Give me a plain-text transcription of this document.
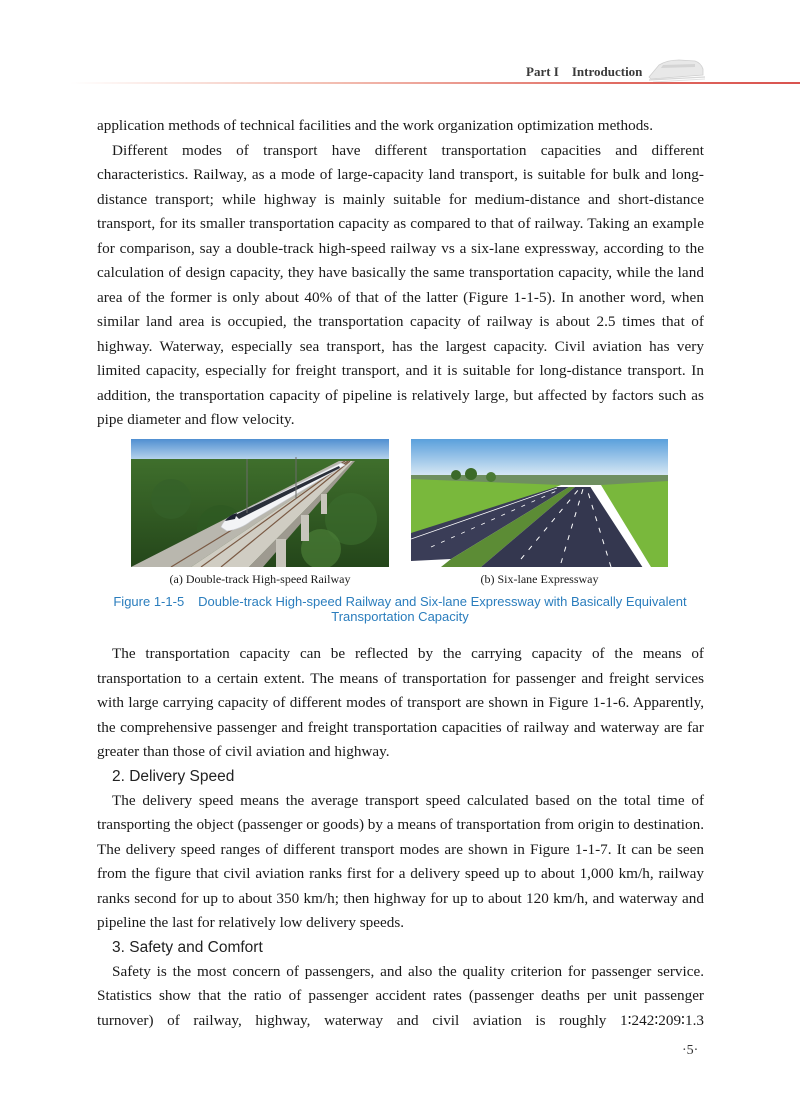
Part I Introduction

application methods of technical facilities and the work organization optimization methods.

Different modes of transport have different transportation capacities and different characteristics. Railway, as a mode of large-capacity land transport, is suitable for bulk and long-distance transport; while highway is mainly suitable for medium-distance and short-distance transport, for its smaller transportation capacity as compared to that of railway. Taking an example for comparison, say a double-track high-speed railway vs a six-lane expressway, according to the calculation of design capacity, they have basically the same transportation capacity, while the land area of the former is only about 40% of that of the latter (Figure 1-1-5). In another word, when similar land area is occupied, the transportation capacity of railway is about 2.5 times that of highway. Waterway, especially sea transport, has the largest capacity. Civil aviation has very limited capacity, especially for freight transport, and it is suitable for long-distance transport. In addition, the transportation capacity of pipeline is relatively large, but affected by factors such as pipe diameter and flow velocity.

(a) Double-track High-speed Railway	(b) Six-lane Expressway
Figure 1-1-5 Double-track High-speed Railway and Six-lane Expressway with Basically Equivalent Transportation Capacity

The transportation capacity can be reflected by the carrying capacity of the means of transportation to a certain extent. The means of transportation for passenger and freight services with large carrying capacity of different modes of transport are shown in Figure 1-1-6. Apparently, the comprehensive passenger and freight transportation capacities of railway and waterway are far greater than those of civil aviation and highway.

2. Delivery Speed

The delivery speed means the average transport speed calculated based on the total time of transporting the object (passenger or goods) by a means of transportation from origin to destination. The delivery speed ranges of different transport modes are shown in Figure 1-1-7. It can be seen from the figure that civil aviation ranks first for a delivery speed up to about 1,000 km/h, railway ranks second for up to about 350 km/h; then highway for up to about 120 km/h, and waterway and pipeline the last for relatively low delivery speeds.

3. Safety and Comfort

Safety is the most concern of passengers, and also the quality criterion for passenger service. Statistics show that the ratio of passenger accident rates (passenger deaths per unit passenger turnover) of railway, highway, waterway and civil aviation is roughly 1∶242∶209∶1.3

·5·
